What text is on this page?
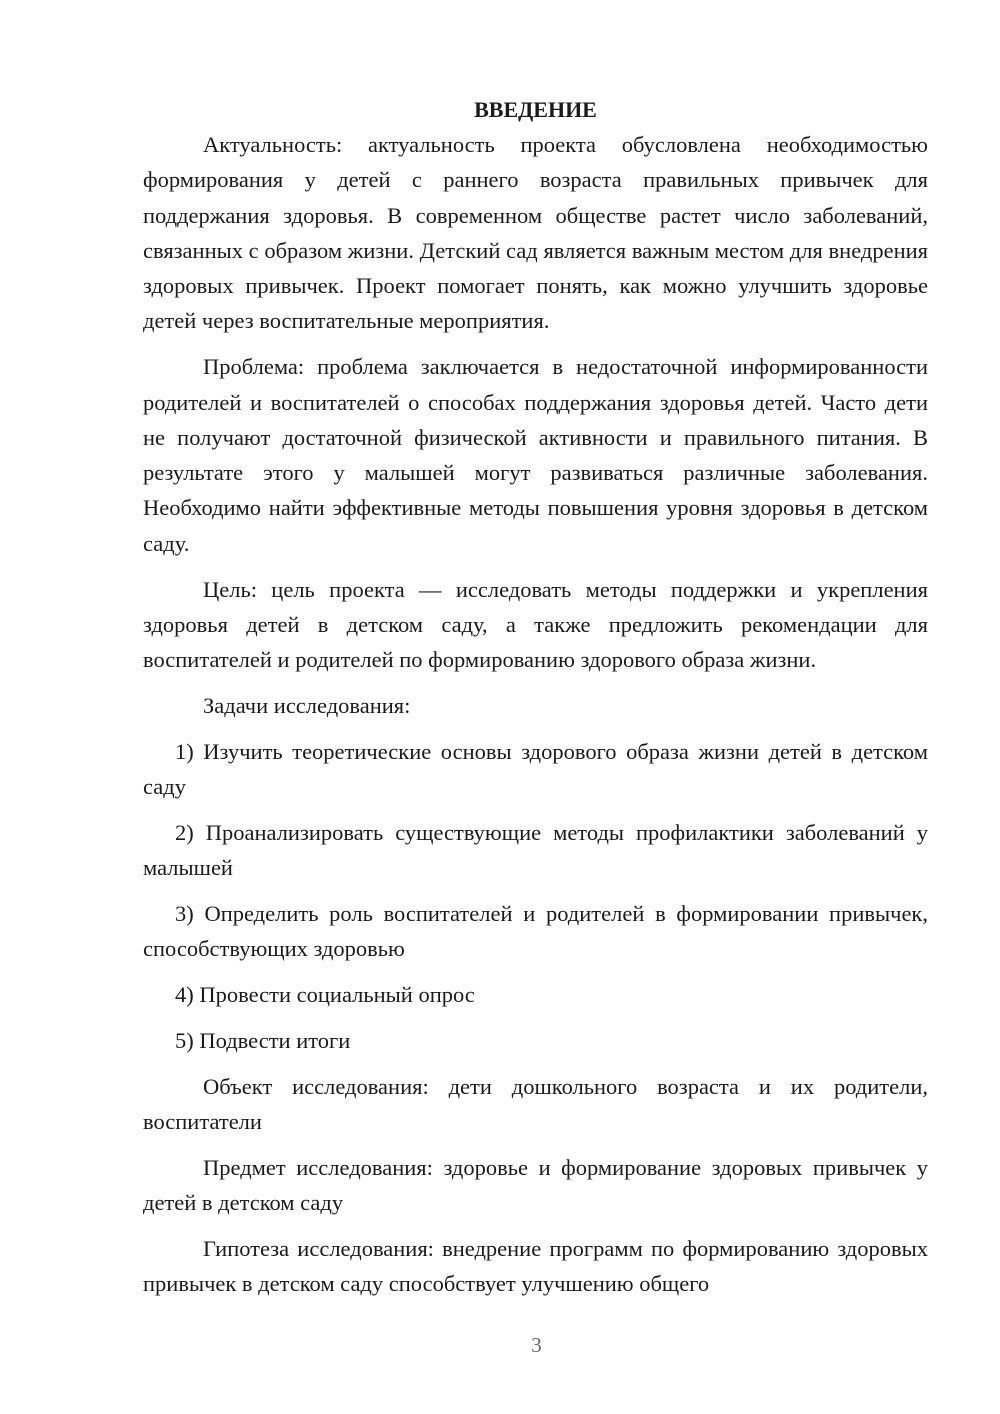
ВВЕДЕНИЕ

Актуальность: актуальность проекта обусловлена необходимостью формирования у детей с раннего возраста правильных привычек для поддержания здоровья. В современном обществе растет число заболеваний, связанных с образом жизни. Детский сад является важным местом для внедрения здоровых привычек. Проект помогает понять, как можно улучшить здоровье детей через воспитательные мероприятия.

Проблема: проблема заключается в недостаточной информированности родителей и воспитателей о способах поддержания здоровья детей. Часто дети не получают достаточной физической активности и правильного питания. В результате этого у малышей могут развиваться различные заболевания. Необходимо найти эффективные методы повышения уровня здоровья в детском саду.

Цель: цель проекта — исследовать методы поддержки и укрепления здоровья детей в детском саду, а также предложить рекомендации для воспитателей и родителей по формированию здорового образа жизни.

Задачи исследования:

1) Изучить теоретические основы здорового образа жизни детей в детском саду

2) Проанализировать существующие методы профилактики заболеваний у малышей

3) Определить роль воспитателей и родителей в формировании привычек, способствующих здоровью

4) Провести социальный опрос

5) Подвести итоги

Объект исследования: дети дошкольного возраста и их родители, воспитатели

Предмет исследования: здоровье и формирование здоровых привычек у детей в детском саду

Гипотеза исследования: внедрение программ по формированию здоровых привычек в детском саду способствует улучшению общего

3
